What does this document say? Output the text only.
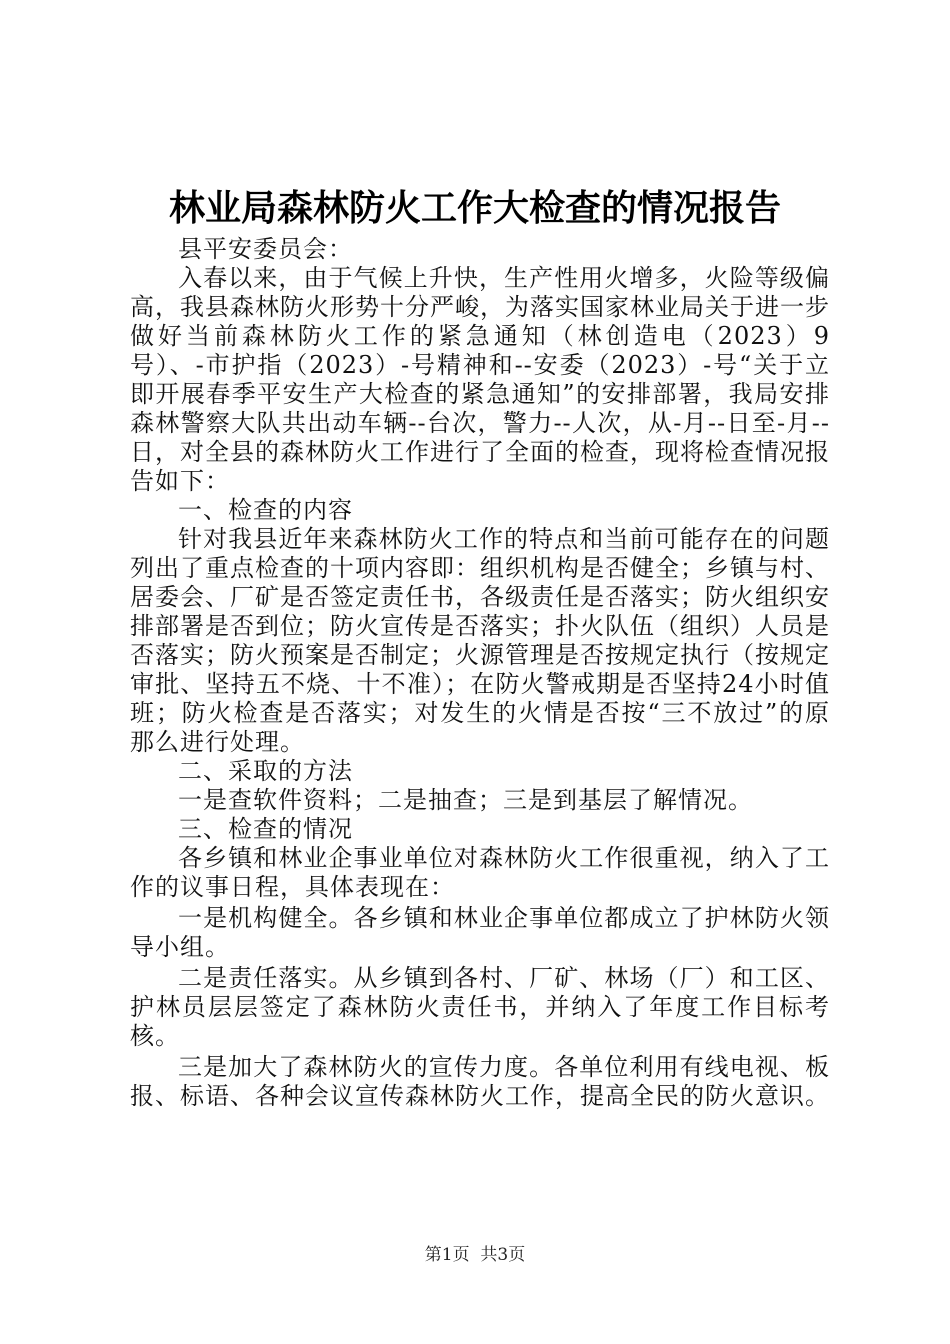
林业局森林防火工作大检查的情况报告

县平安委员会：

入春以来，由于气候上升快，生产性用火增多，火险等级偏高，我县森林防火形势十分严峻，为落实国家林业局关于进一步做好当前森林防火工作的紧急通知（林创造电（2023）9号）、-市护指（2023）-号精神和--安委（2023）-号“关于立即开展春季平安生产大检查的紧急通知”的安排部署，我局安排森林警察大队共出动车辆--台次，警力--人次，从-月--日至-月--日，对全县的森林防火工作进行了全面的检查，现将检查情况报告如下：

一、检查的内容

针对我县近年来森林防火工作的特点和当前可能存在的问题列出了重点检查的十项内容即：组织机构是否健全；乡镇与村、居委会、厂矿是否签定责任书，各级责任是否落实；防火组织安排部署是否到位；防火宣传是否落实；扑火队伍（组织）人员是否落实；防火预案是否制定；火源管理是否按规定执行（按规定审批、坚持五不烧、十不准）；在防火警戒期是否坚持24小时值班；防火检查是否落实；对发生的火情是否按“三不放过”的原那么进行处理。

二、采取的方法

一是查软件资料；二是抽查；三是到基层了解情况。

三、检查的情况

各乡镇和林业企事业单位对森林防火工作很重视，纳入了工作的议事日程，具体表现在：

一是机构健全。各乡镇和林业企事单位都成立了护林防火领导小组。

二是责任落实。从乡镇到各村、厂矿、林场（厂）和工区、护林员层层签定了森林防火责任书，并纳入了年度工作目标考核。

三是加大了森林防火的宣传力度。各单位利用有线电视、板报、标语、各种会议宣传森林防火工作，提高全民的防火意识。

第1页  共3页
